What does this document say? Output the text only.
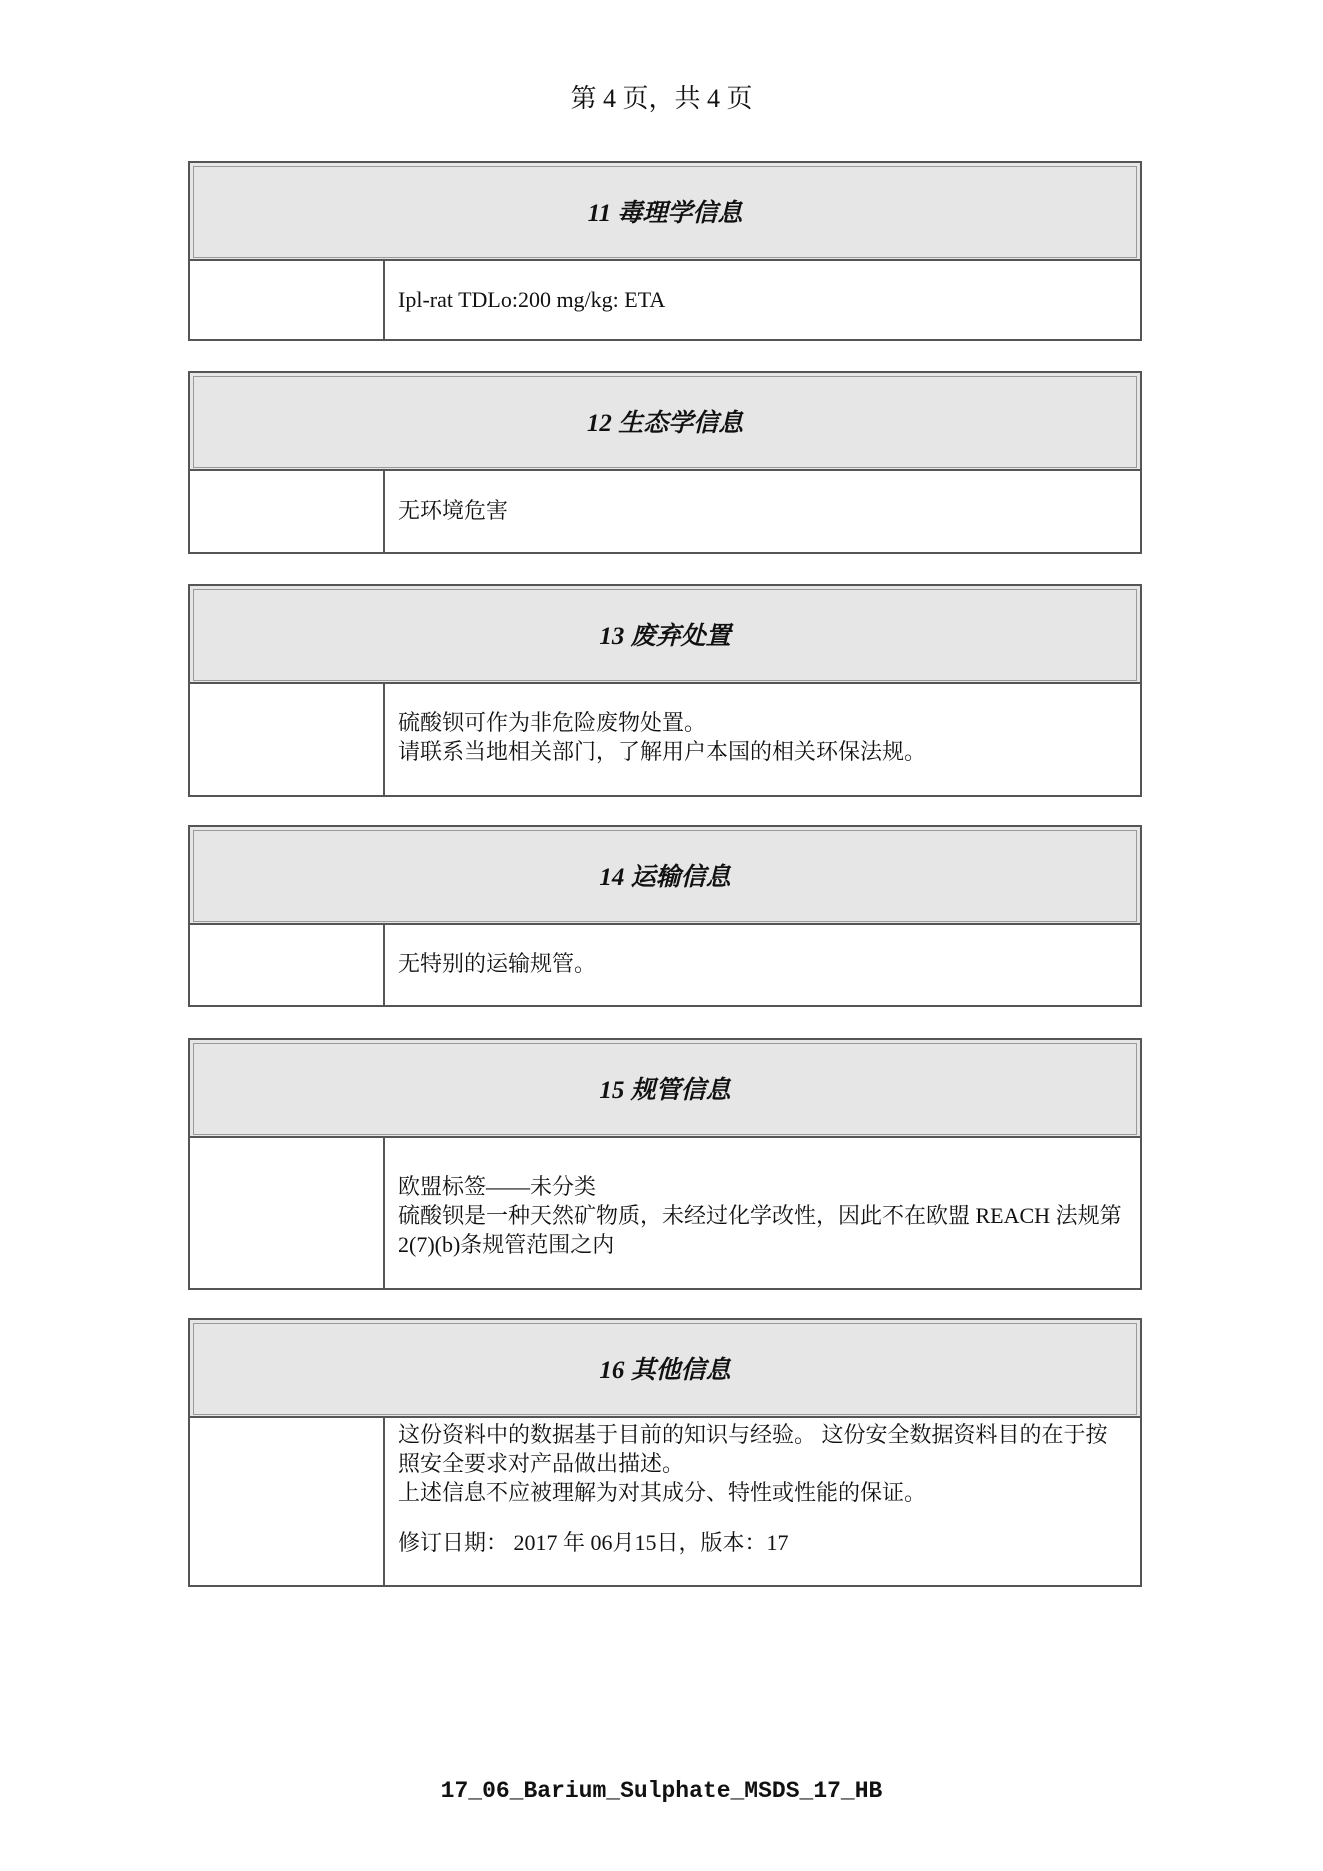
第 4 页，共 4 页
11 毒理学信息
Ipl-rat TDLo:200 mg/kg: ETA
12 生态学信息
无环境危害
13 废弃处置
硫酸钡可作为非危险废物处置。
请联系当地相关部门，了解用户本国的相关环保法规。
14 运输信息
无特别的运输规管。
15 规管信息
欧盟标签——未分类
硫酸钡是一种天然矿物质，未经过化学改性，因此不在欧盟 REACH 法规第
2(7)(b)条规管范围之内
16 其他信息
这份资料中的数据基于目前的知识与经验。 这份安全数据资料目的在于按
照安全要求对产品做出描述。
上述信息不应被理解为对其成分、特性或性能的保证。
修订日期： 2017 年 06月15日，版本：17
17_06_Barium_Sulphate_MSDS_17_HB
